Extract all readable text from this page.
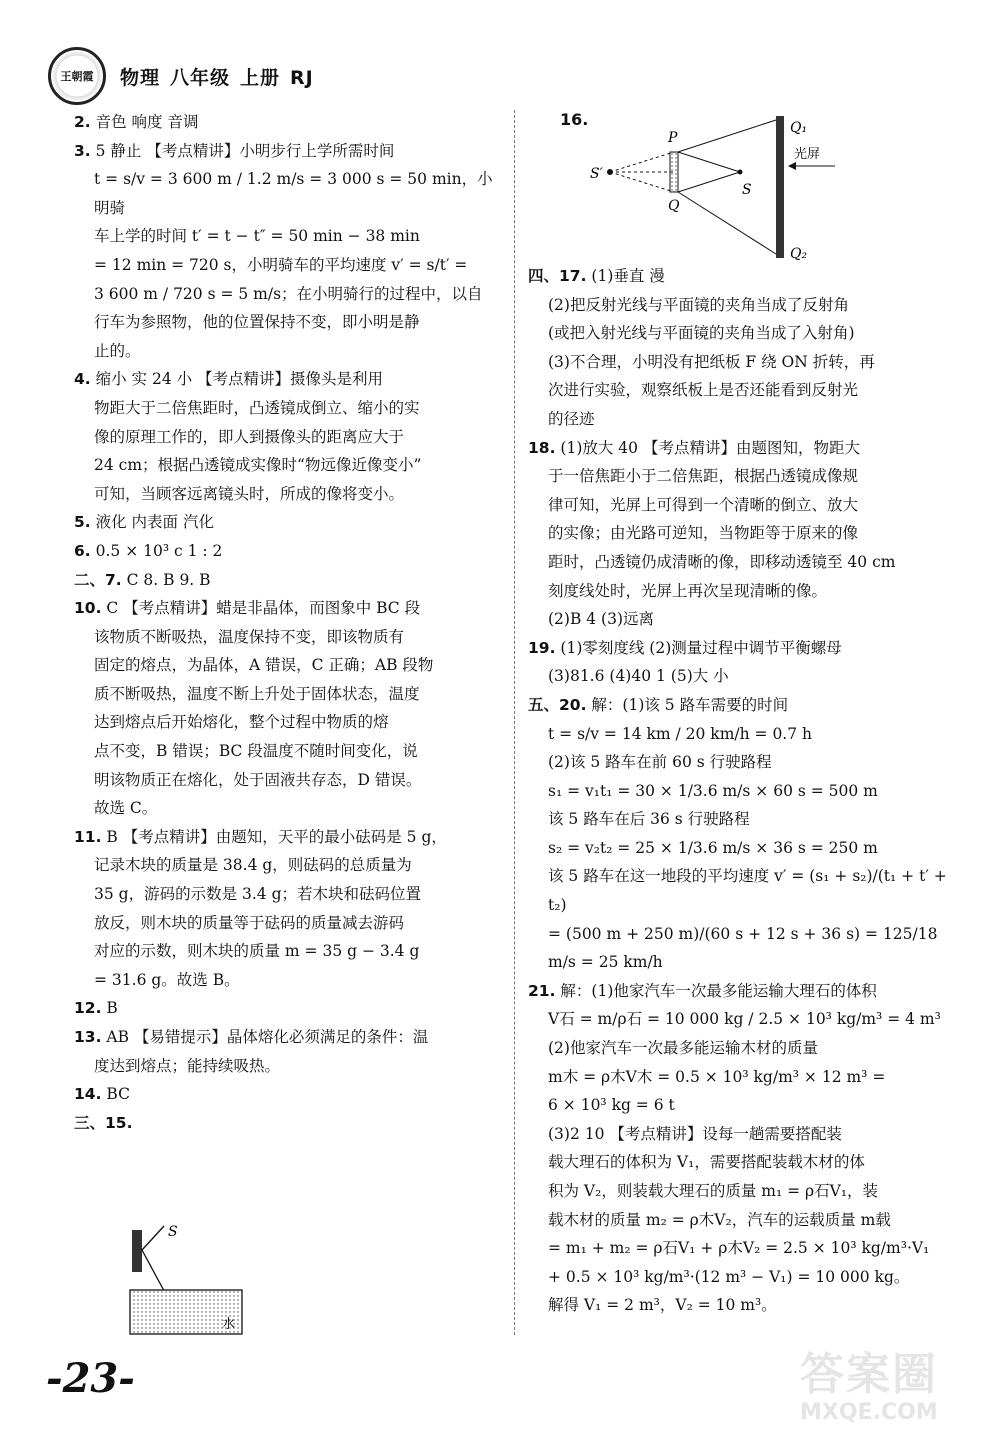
王朝霞 物理 八年级 上册 RJ
2. 音色 响度 音调
3. 5 静止 【考点精讲】小明步行上学所需时间
t = s/v = 3 600 m / 1.2 m/s = 3 000 s = 50 min，小明骑
车上学的时间 t′ = t − t″ = 50 min − 38 min
= 12 min = 720 s，小明骑车的平均速度 v′ = s/t′ =
3 600 m / 720 s = 5 m/s；在小明骑行的过程中，以自
行车为参照物，他的位置保持不变，即小明是静
止的。
4. 缩小 实 24 小 【考点精讲】摄像头是利用
物距大于二倍焦距时，凸透镜成倒立、缩小的实
像的原理工作的，即人到摄像头的距离应大于
24 cm；根据凸透镜成实像时“物远像近像变小”
可知，当顾客远离镜头时，所成的像将变小。
5. 液化 内表面 汽化
6. 0.5 × 10³ c 1 : 2
二、7. C 8. B 9. B
10. C 【考点精讲】蜡是非晶体，而图象中 BC 段
该物质不断吸热，温度保持不变，即该物质有
固定的熔点，为晶体，A 错误，C 正确；AB 段物
质不断吸热，温度不断上升处于固体状态，温度
达到熔点后开始熔化，整个过程中物质的熔
点不变，B 错误；BC 段温度不随时间变化，说
明该物质正在熔化，处于固液共存态，D 错误。
故选 C。
11. B 【考点精讲】由题知，天平的最小砝码是 5 g，
记录木块的质量是 38.4 g，则砝码的总质量为
35 g，游码的示数是 3.4 g；若木块和砝码位置
放反，则木块的质量等于砝码的质量减去游码
对应的示数，则木块的质量 m = 35 g − 3.4 g
= 31.6 g。故选 B。
12. B
13. AB 【易错提示】晶体熔化必须满足的条件：温
度达到熔点；能持续吸热。
14. BC
三、15.
S
水
16.
P
Q
S′
S
Q₁
Q₂
光屏
四、17. (1)垂直 漫
(2)把反射光线与平面镜的夹角当成了反射角
(或把入射光线与平面镜的夹角当成了入射角)
(3)不合理，小明没有把纸板 F 绕 ON 折转，再
次进行实验，观察纸板上是否还能看到反射光
的径迹
18. (1)放大 40 【考点精讲】由题图知，物距大
于一倍焦距小于二倍焦距，根据凸透镜成像规
律可知，光屏上可得到一个清晰的倒立、放大
的实像；由光路可逆知，当物距等于原来的像
距时，凸透镜仍成清晰的像，即移动透镜至 40 cm
刻度线处时，光屏上再次呈现清晰的像。
(2)B 4 (3)远离
19. (1)零刻度线 (2)测量过程中调节平衡螺母
(3)81.6 (4)40 1 (5)大 小
五、20. 解：(1)该 5 路车需要的时间
t = s/v = 14 km / 20 km/h = 0.7 h
(2)该 5 路车在前 60 s 行驶路程
s₁ = v₁t₁ = 30 × 1/3.6 m/s × 60 s = 500 m
该 5 路车在后 36 s 行驶路程
s₂ = v₂t₂ = 25 × 1/3.6 m/s × 36 s = 250 m
该 5 路车在这一地段的平均速度 v′ = (s₁ + s₂)/(t₁ + t′ + t₂)
= (500 m + 250 m)/(60 s + 12 s + 36 s) = 125/18 m/s = 25 km/h
21. 解：(1)他家汽车一次最多能运输大理石的体积
V石 = m/ρ石 = 10 000 kg / 2.5 × 10³ kg/m³ = 4 m³
(2)他家汽车一次最多能运输木材的质量
m木 = ρ木V木 = 0.5 × 10³ kg/m³ × 12 m³ =
6 × 10³ kg = 6 t
(3)2 10 【考点精讲】设每一趟需要搭配装
载大理石的体积为 V₁，需要搭配装载木材的体
积为 V₂，则装载大理石的质量 m₁ = ρ石V₁，装
载木材的质量 m₂ = ρ木V₂，汽车的运载质量 m载
= m₁ + m₂ = ρ石V₁ + ρ木V₂ = 2.5 × 10³ kg/m³·V₁
+ 0.5 × 10³ kg/m³·(12 m³ − V₁) = 10 000 kg。
解得 V₁ = 2 m³，V₂ = 10 m³。
-23-	答案圈
MXQE.COM
